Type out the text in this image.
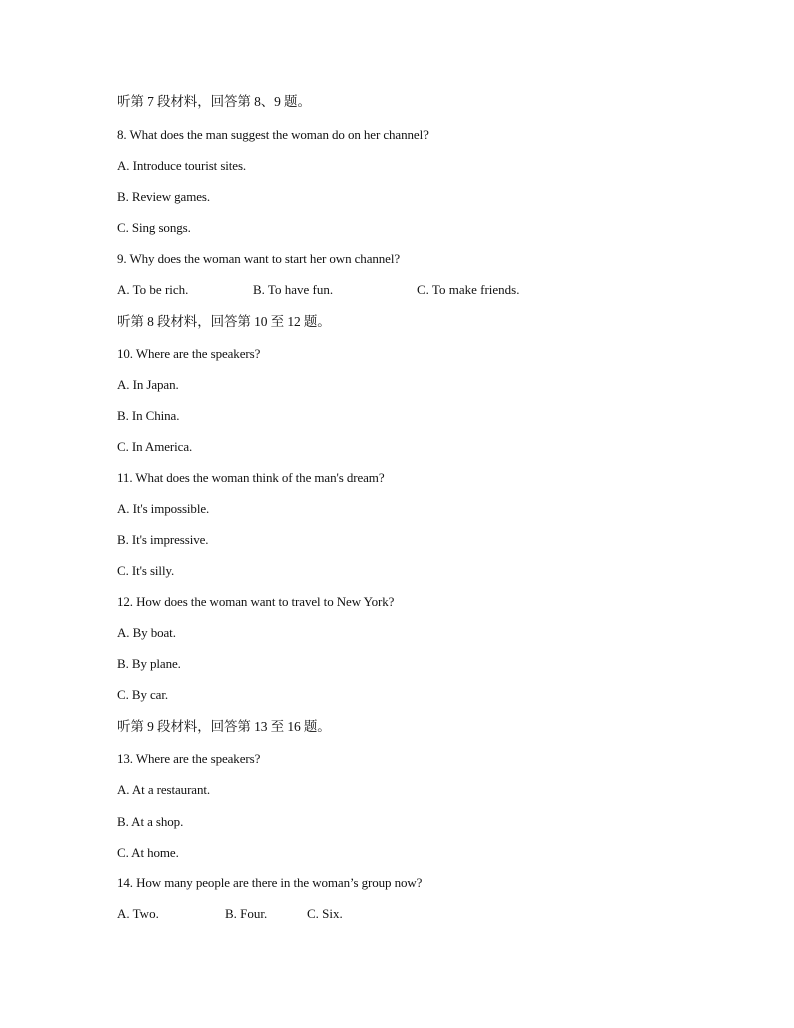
听第 7 段材料，回答第 8、9 题。
8. What does the man suggest the woman do on her channel?
A. Introduce tourist sites.
B. Review games.
C. Sing songs.
9. Why does the woman want to start her own channel?

A. To be rich.

	B. To have fun.

	C. To make friends.

听第 8 段材料，回答第 10 至 12 题。
10. Where are the speakers?
A. In Japan.
B. In China.
C. In America.
11. What does the woman think of the man's dream?
A. It's impossible.
B. It's impressive.
C. It's silly.
12. How does the woman want to travel to New York?
A. By boat.
B. By plane.
C. By car.
听第 9 段材料，回答第 13 至 16 题。
13. Where are the speakers?
A. At a restaurant.
B. At a shop.
C. At home.
14. How many people are there in the woman’s group now?

A. Two.

	B. Four.

	C. Six.
